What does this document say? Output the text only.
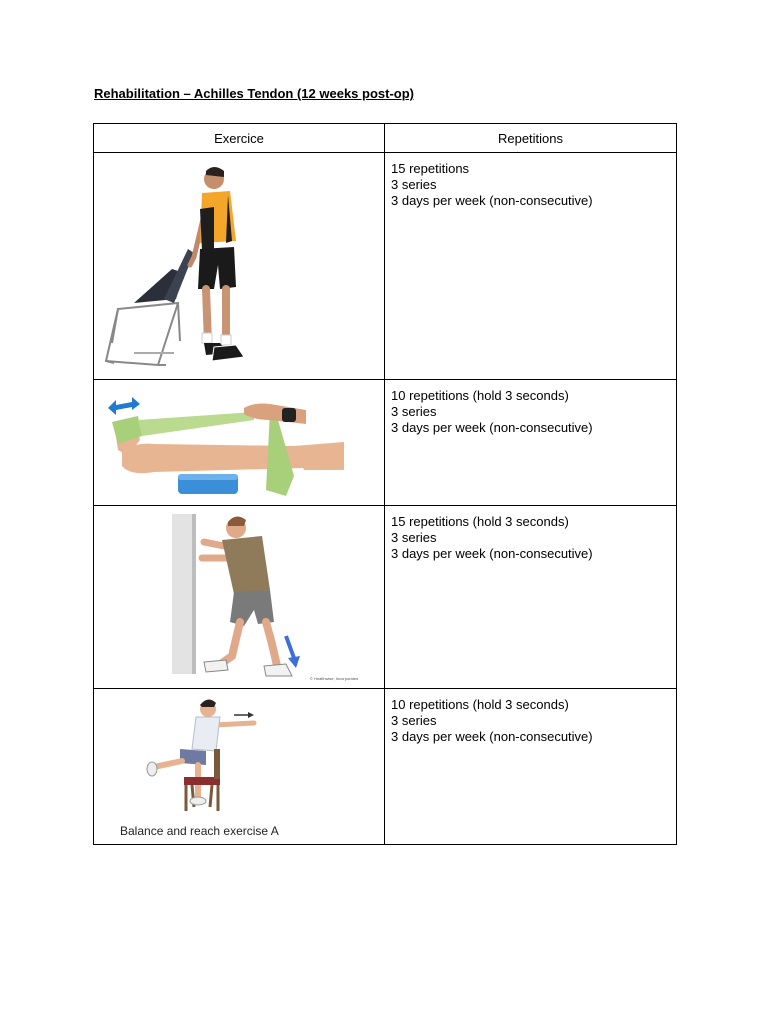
Rehabilitation – Achilles Tendon (12 weeks post-op)
Exercice	Repetitions

15 repetitions
3 series
3 days per week (non-consecutive)

10 repetitions (hold 3 seconds)
3 series
3 days per week (non-consecutive)

© Healthwise, Incorporated	15 repetitions (hold 3 seconds)
3 series
3 days per week (non-consecutive)

Balance and reach exercise A	10 repetitions (hold 3 seconds)
3 series
3 days per week (non-consecutive)
